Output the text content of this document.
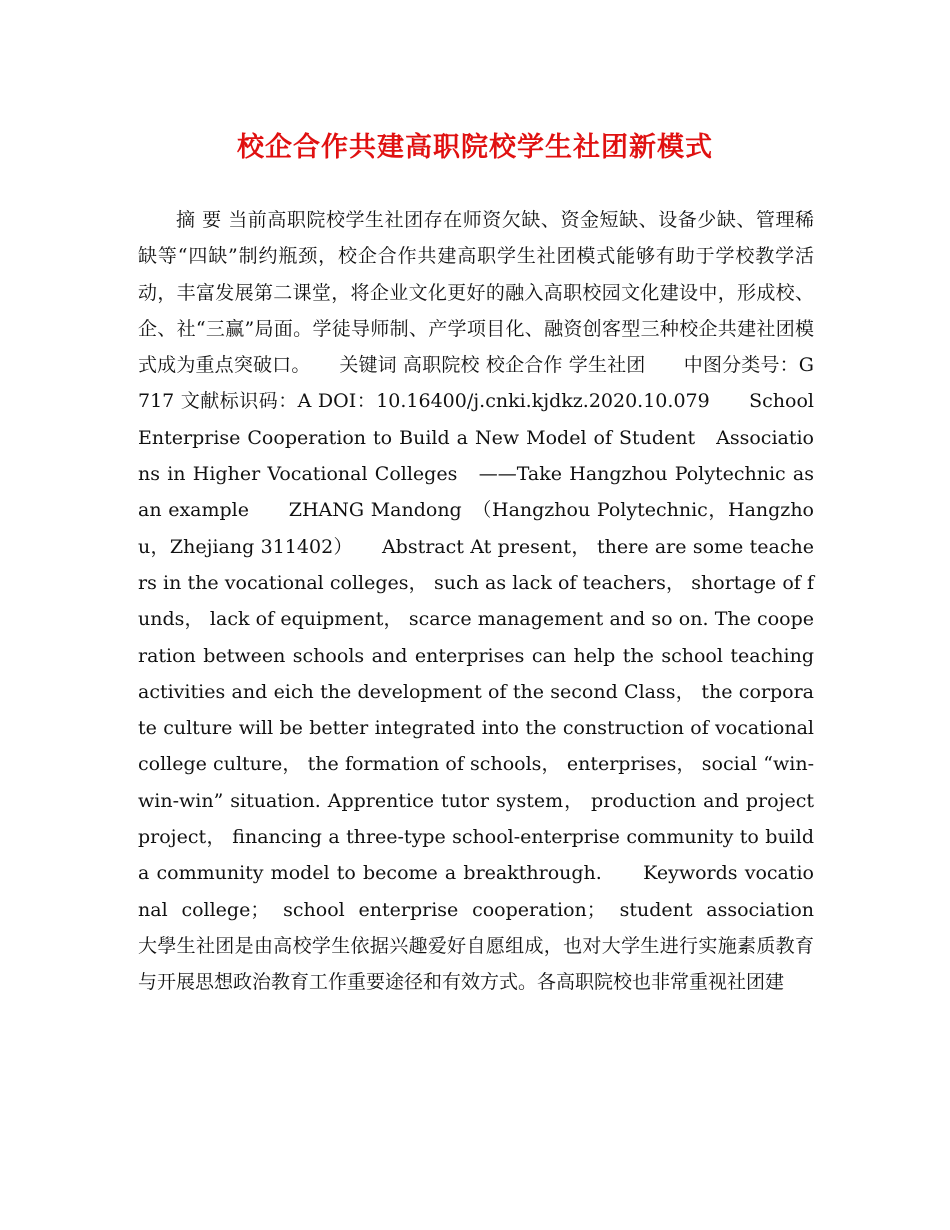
校企合作共建高职院校学生社团新模式
摘 要 当前高职院校学生社团存在师资欠缺、资金短缺、设备少缺、管理稀缺等“四缺”制约瓶颈，校企合作共建高职学生社团模式能够有助于学校教学活动，丰富发展第二课堂，将企业文化更好的融入高职校园文化建设中，形成校、企、社“三赢”局面。学徒导师制、产学项目化、融资创客型三种校企共建社团模式成为重点突破口。　　关键词 高职院校 校企合作 学生社团　　中图分类号：G717 文献标识码：A DOI：10.16400/j.cnki.kjdkz.2020.10.079　　School Enterprise Cooperation to Build a New Model of Student　Associations in Higher Vocational Colleges　——Take Hangzhou Polytechnic as an example　　ZHANG Mandong　（Hangzhou Polytechnic，Hangzhou，Zhejiang 311402）　　Abstract At present， there are some teachers in the vocational colleges， such as lack of teachers， shortage of funds， lack of equipment， scarce management and so on. The cooperation between schools and enterprises can help the school teaching activities and eich the development of the second Class， the corporate culture will be better integrated into the construction of vocational college culture， the formation of schools， enterprises， social “win-win-win” situation. Apprentice tutor system， production and project project， financing a three-type school-enterprise community to build a community model to become a breakthrough.　　Keywords vocational college； school enterprise cooperation； student association　　大學生社团是由高校学生依据兴趣爱好自愿组成，也对大学生进行实施素质教育与开展思想政治教育工作重要途径和有效方式。各高职院校也非常重视社团建
